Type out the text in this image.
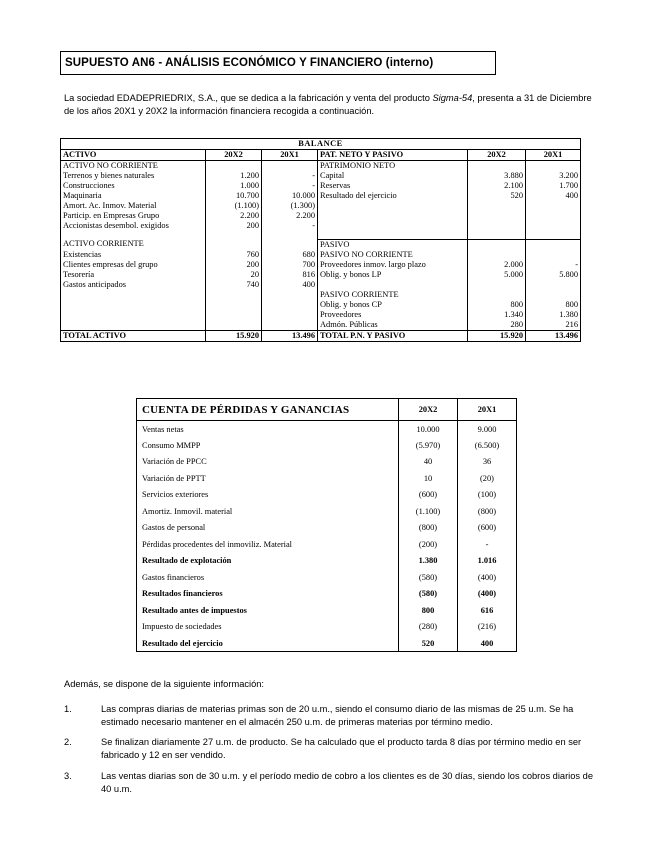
SUPUESTO AN6 - ANÁLISIS ECONÓMICO Y FINANCIERO (interno)

La sociedad EDADEPRIEDRIX, S.A., que se dedica a la fabricación y venta del producto Sigma-54, presenta a 31 de Diciembre de los años 20X1 y 20X2 la información financiera recogida a continuación.

BALANCE					
ACTIVO	20X2	20X1	PAT. NETO Y PASIVO	20X2	20X1
ACTIVO NO CORRIENTE			PATRIMONIO NETO		
Terrenos y bienes naturales	1.200	-	Capital	3.880	3.200
Construcciones	1.000	-	Reservas	2.100	1.700
Maquinaria	10.700	10.000	Resultado del ejercicio	520	400
Amort. Ac. Inmov. Material	(1.100)	(1.300)			
Particip. en Empresas Grupo	2.200	2.200			
Accionistas desembol. exigidos	200	-			

ACTIVO CORRIENTE			PASIVO		
Existencias	760	680	PASIVO NO CORRIENTE		
Clientes empresas del grupo	200	700	Proveedores inmov. largo plazo	2.000	-
Tesorería	20	816	Oblig. y bonos LP	5.000	5.800
Gastos anticipados	740	400			
			PASIVO CORRIENTE		
			Oblig. y bonos CP	800	800
			Proveedores	1.340	1.380
			Admón. Públicas	280	216
TOTAL ACTIVO	15.920	13.496	TOTAL P.N. Y PASIVO	15.920	13.496
CUENTA DE PÉRDIDAS Y GANANCIAS	20X2	20X1
Ventas netas	10.000	9.000
Consumo MMPP	(5.970)	(6.500)
Variación de PPCC	40	36
Variación de PPTT	10	(20)
Servicios exteriores	(600)	(100)
Amortiz. Inmovil. material	(1.100)	(800)
Gastos de personal	(800)	(600)
Pérdidas procedentes del inmoviliz. Material	(200)	-
Resultado de explotación	1.380	1.016
Gastos financieros	(580)	(400)
Resultados financieros	(580)	(400)
Resultado antes de impuestos	800	616
Impuesto de sociedades	(280)	(216)
Resultado del ejercicio	520	400
Además, se dispone de la siguiente información:
1.	Las compras diarias de materias primas son de 20 u.m., siendo el consumo diario de las mismas de 25 u.m. Se ha estimado necesario mantener en el almacén 250 u.m. de primeras materias por término medio.
2.	Se finalizan diariamente 27 u.m. de producto. Se ha calculado que el producto tarda 8 días por término medio en ser fabricado y 12 en ser vendido.
3.	Las ventas diarias son de 30 u.m. y el período medio de cobro a los clientes es de 30 días, siendo los cobros diarios de 40 u.m.
